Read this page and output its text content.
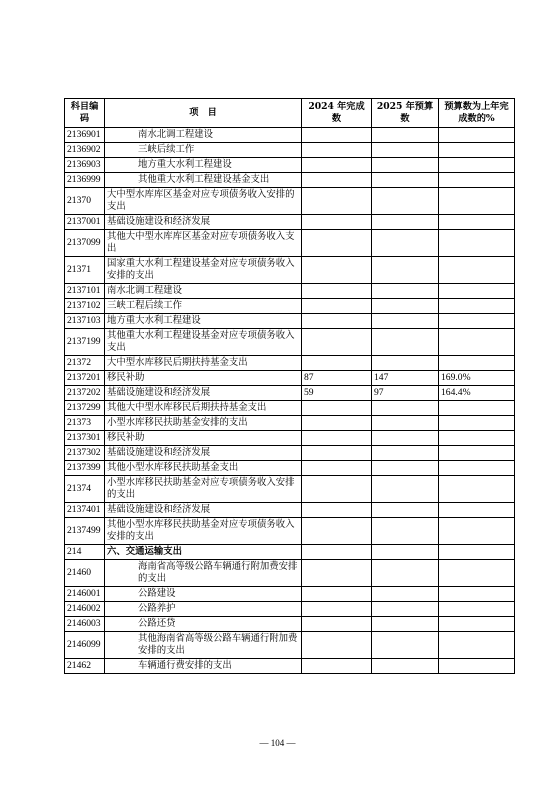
科目编码	项　目	2024 年完成数	2025 年预算数	预算数为上年完成数的%
2136901	南水北调工程建设			
2136902	三峡后续工作			
2136903	地方重大水利工程建设			
2136999	其他重大水利工程建设基金支出			
21370	大中型水库库区基金对应专项债务收入安排的支出			
2137001	基础设施建设和经济发展			
2137099	其他大中型水库库区基金对应专项债务收入支出			
21371	国家重大水利工程建设基金对应专项债务收入安排的支出			
2137101	南水北调工程建设			
2137102	三峡工程后续工作			
2137103	地方重大水利工程建设			
2137199	其他重大水利工程建设基金对应专项债务收入支出			
21372	大中型水库移民后期扶持基金支出			
2137201	移民补助	87	147	169.0%
2137202	基础设施建设和经济发展	59	97	164.4%
2137299	其他大中型水库移民后期扶持基金支出			
21373	小型水库移民扶助基金安排的支出			
2137301	移民补助			
2137302	基础设施建设和经济发展			
2137399	其他小型水库移民扶助基金支出			
21374	小型水库移民扶助基金对应专项债务收入安排的支出			
2137401	基础设施建设和经济发展			
2137499	其他小型水库移民扶助基金对应专项债务收入安排的支出			
214	六、交通运输支出			
21460	海南省高等级公路车辆通行附加费安排的支出			
2146001	公路建设			
2146002	公路养护			
2146003	公路还贷			
2146099	其他海南省高等级公路车辆通行附加费安排的支出			
21462	车辆通行费安排的支出			
— 104 —
